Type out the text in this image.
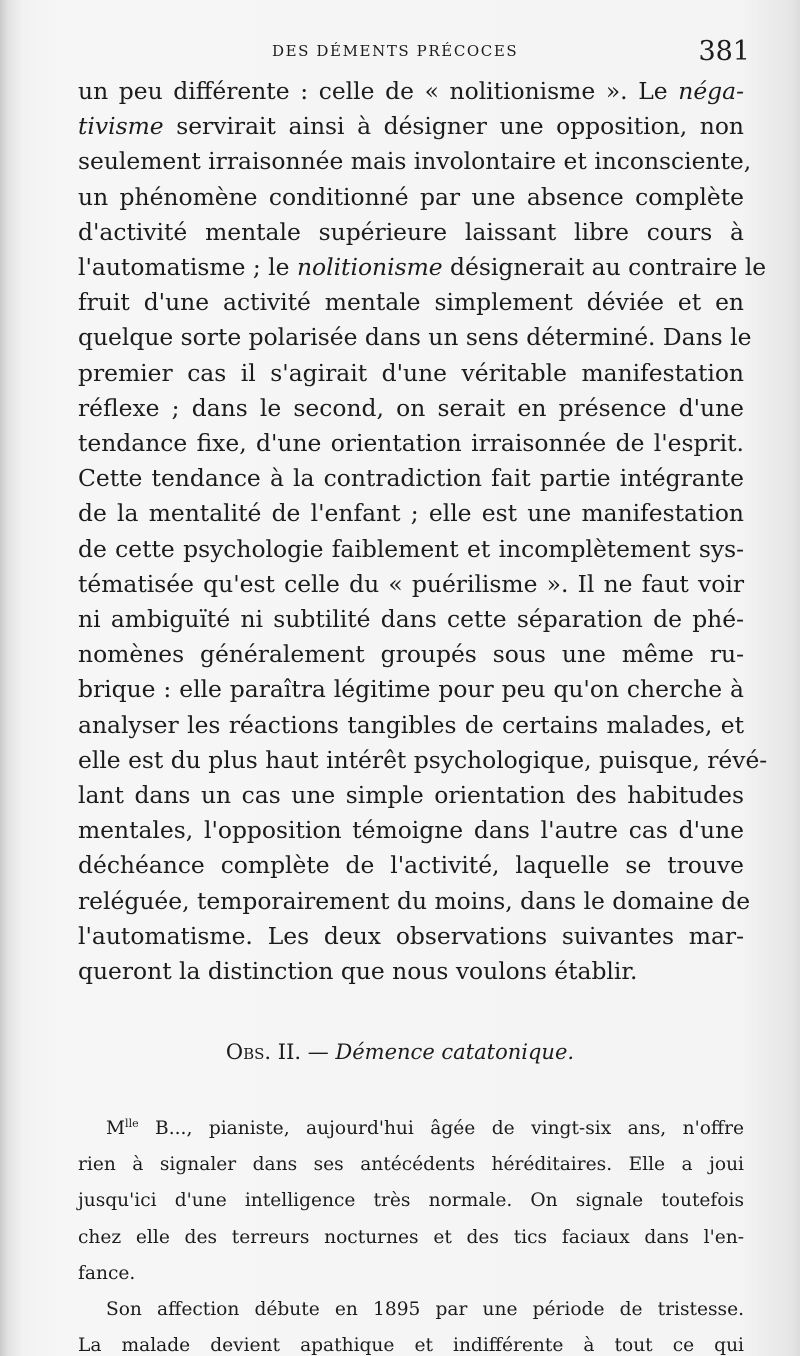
DES DÉMENTS PRÉCOCES	381
un peu différente : celle de « nolitionisme ». Le néga-
tivisme servirait ainsi à désigner une opposition, non
seulement irraisonnée mais involontaire et inconsciente,
un phénomène conditionné par une absence complète
d'activité mentale supérieure laissant libre cours à
l'automatisme ; le nolitionisme désignerait au contraire le
fruit d'une activité mentale simplement déviée et en
quelque sorte polarisée dans un sens déterminé. Dans le
premier cas il s'agirait d'une véritable manifestation
réflexe ; dans le second, on serait en présence d'une
tendance fixe, d'une orientation irraisonnée de l'esprit.
Cette tendance à la contradiction fait partie intégrante
de la mentalité de l'enfant ; elle est une manifestation
de cette psychologie faiblement et incomplètement sys-
tématisée qu'est celle du « puérilisme ». Il ne faut voir
ni ambiguïté ni subtilité dans cette séparation de phé-
nomènes généralement groupés sous une même ru-
brique : elle paraîtra légitime pour peu qu'on cherche à
analyser les réactions tangibles de certains malades, et
elle est du plus haut intérêt psychologique, puisque, révé-
lant dans un cas une simple orientation des habitudes
mentales, l'opposition témoigne dans l'autre cas d'une
déchéance complète de l'activité, laquelle se trouve
reléguée, temporairement du moins, dans le domaine de
l'automatisme. Les deux observations suivantes mar-
queront la distinction que nous voulons établir.
Obs. II. — Démence catatonique.
$M^{lle}$ B..., pianiste, aujourd'hui âgée de vingt-six ans, n'offre
rien à signaler dans ses antécédents héréditaires. Elle a joui
jusqu'ici d'une intelligence très normale. On signale toutefois
chez elle des terreurs nocturnes et des tics faciaux dans l'en-
fance.
Son affection débute en 1895 par une période de tristesse.
La malade devient apathique et indifférente à tout ce qui
